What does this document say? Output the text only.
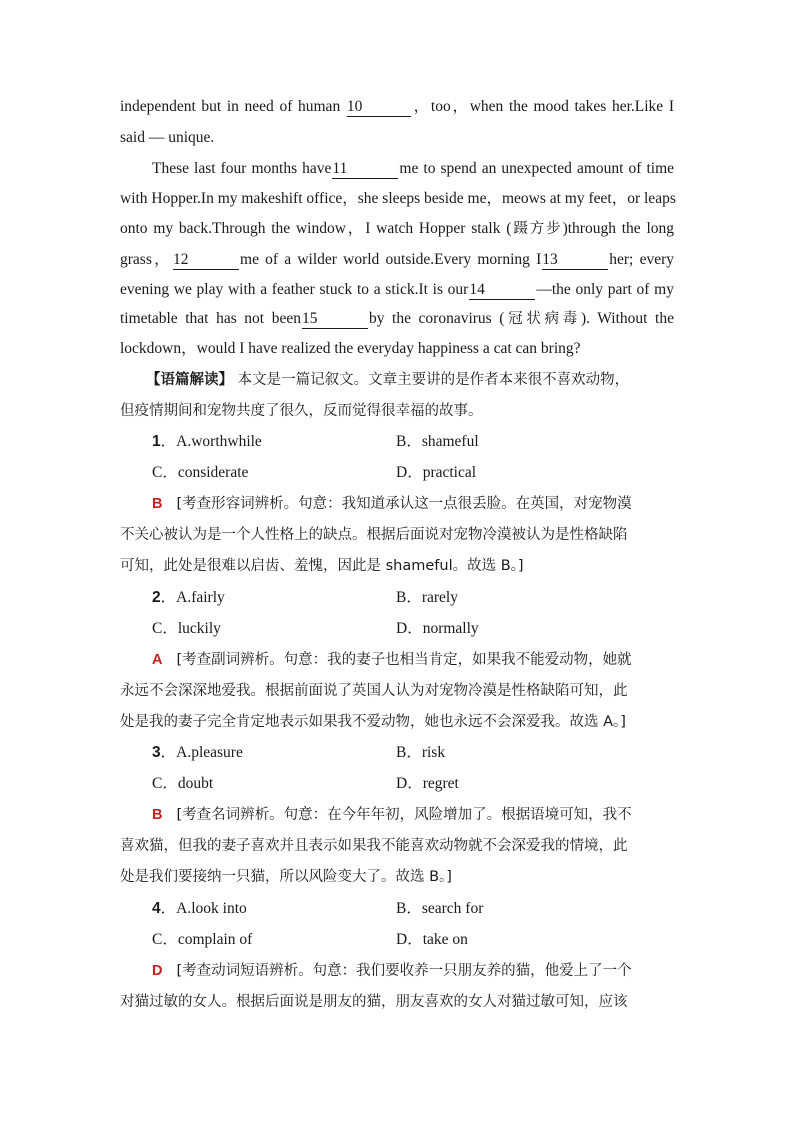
independent but in need of human 10	，too，when the mood takes her.Like I
said — unique.
These last four months have11	me to spend an unexpected amount of time
with Hopper.In my makeshift office，she sleeps beside me，meows at my feet，or leaps
onto my back.Through the window，I watch Hopper stalk (蹑方步)through the long
grass，12	me of a wilder world outside.Every morning I13	her; every
evening we play with a feather stuck to a stick.It is our14	—the only part of my
timetable that has not been15	by the coronavirus (冠状病毒). Without the
lockdown，would I have realized the everyday happiness a cat can bring?
【语篇解读】 本文是一篇记叙文。文章主要讲的是作者本来很不喜欢动物，
但疫情期间和宠物共度了很久，反而觉得很幸福的故事。
1．A.worthwhile	B．shameful
C．considerate	D．practical
B [考查形容词辨析。句意：我知道承认这一点很丢脸。在英国，对宠物漠
不关心被认为是一个人性格上的缺点。根据后面说对宠物冷漠被认为是性格缺陷
可知，此处是很难以启齿、羞愧，因此是 shameful。故选 B。]
2．A.fairly	B．rarely
C．luckily	D．normally
A [考查副词辨析。句意：我的妻子也相当肯定，如果我不能爱动物，她就
永远不会深深地爱我。根据前面说了英国人认为对宠物冷漠是性格缺陷可知，此
处是我的妻子完全肯定地表示如果我不爱动物，她也永远不会深爱我。故选 A。]
3．A.pleasure	B．risk
C．doubt	D．regret
B [考查名词辨析。句意：在今年年初，风险增加了。根据语境可知，我不
喜欢猫，但我的妻子喜欢并且表示如果我不能喜欢动物就不会深爱我的情境，此
处是我们要接纳一只猫，所以风险变大了。故选 B。]
4．A.look into	B．search for
C．complain of	D．take on
D [考查动词短语辨析。句意：我们要收养一只朋友养的猫，他爱上了一个
对猫过敏的女人。根据后面说是朋友的猫，朋友喜欢的女人对猫过敏可知，应该
